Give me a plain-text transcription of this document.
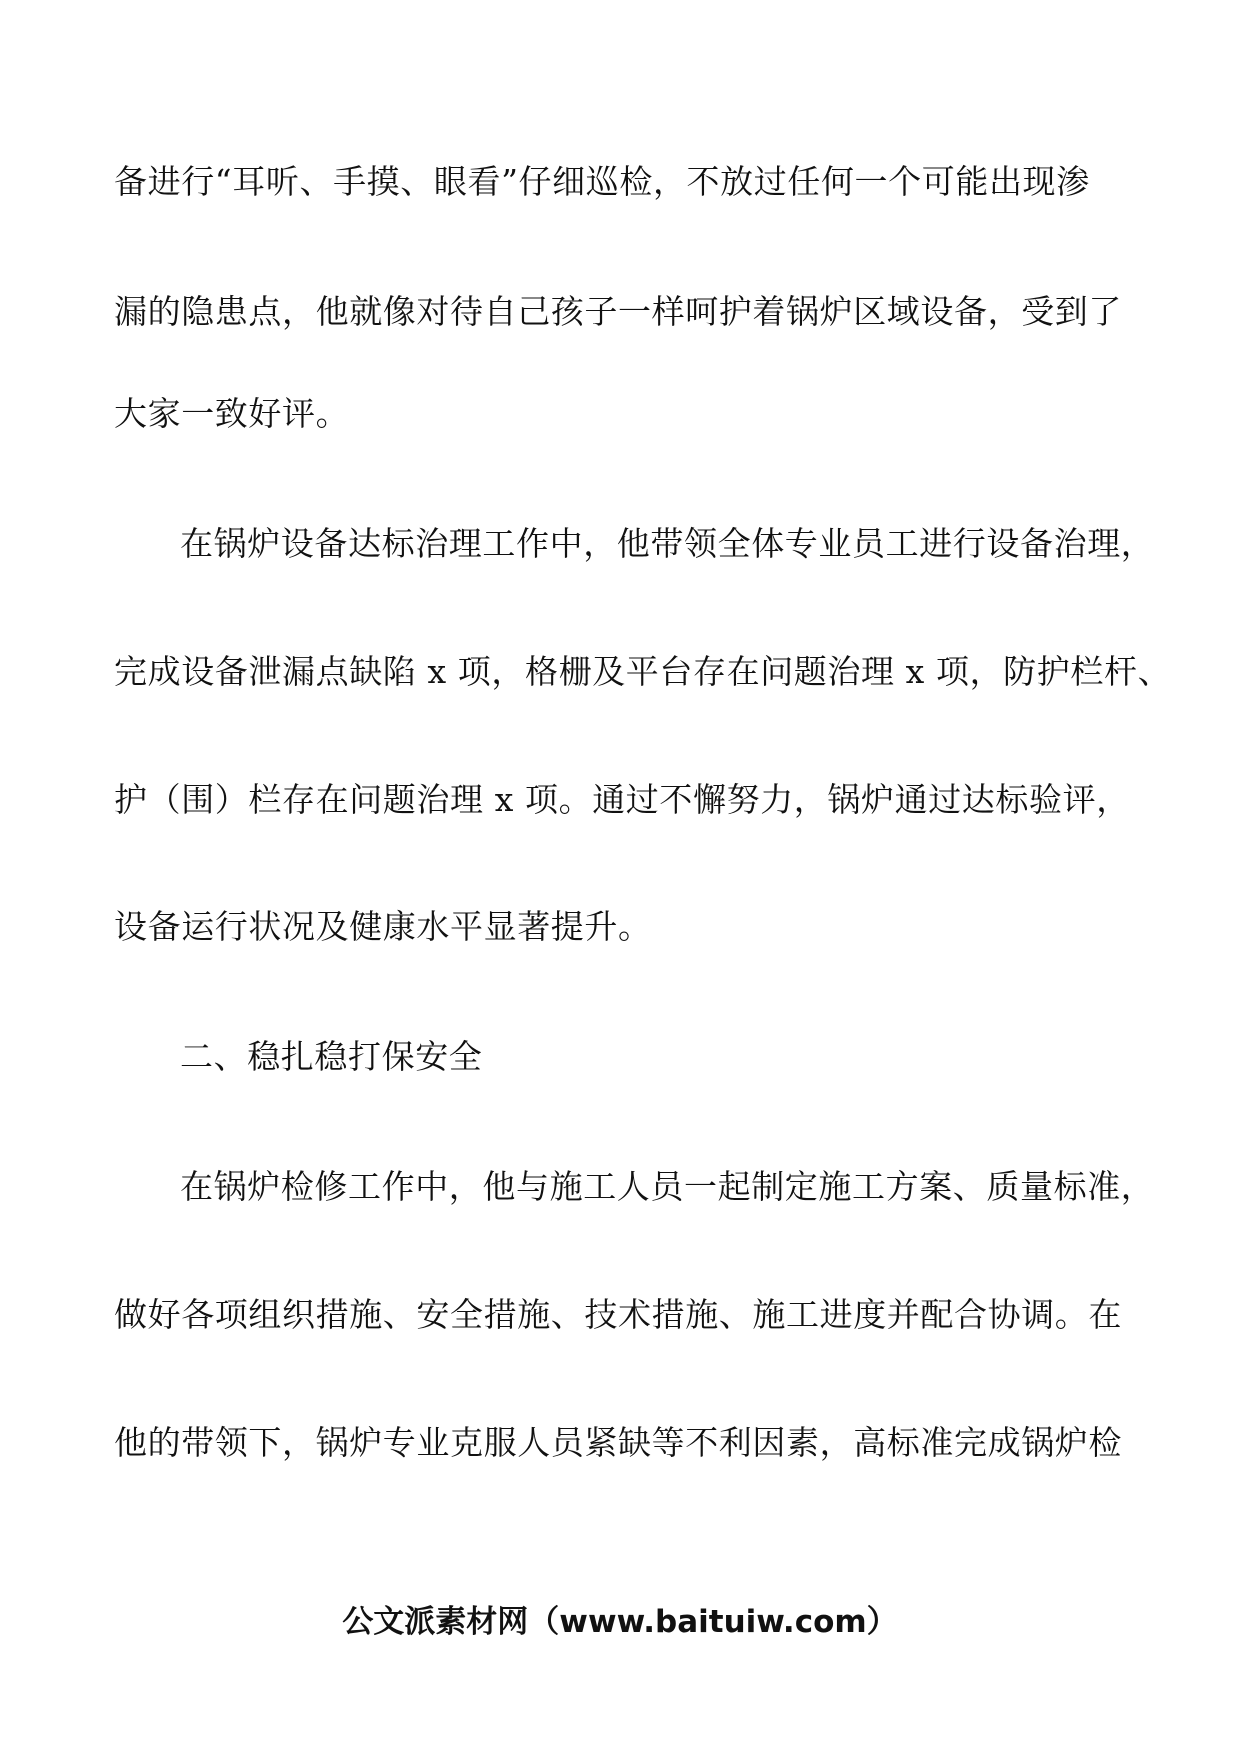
备进行“耳听、手摸、眼看”仔细巡检，不放过任何一个可能出现渗
漏的隐患点，他就像对待自己孩子一样呵护着锅炉区域设备，受到了
大家一致好评。
在锅炉设备达标治理工作中，他带领全体专业员工进行设备治理，
完成设备泄漏点缺陷 x 项，格栅及平台存在问题治理 x 项，防护栏杆、
护（围）栏存在问题治理 x 项。通过不懈努力，锅炉通过达标验评，
设备运行状况及健康水平显著提升。
二、稳扎稳打保安全
在锅炉检修工作中，他与施工人员一起制定施工方案、质量标准，
做好各项组织措施、安全措施、技术措施、施工进度并配合协调。在
他的带领下，锅炉专业克服人员紧缺等不利因素，高标准完成锅炉检
公文派素材网（www.baituiw.com）
